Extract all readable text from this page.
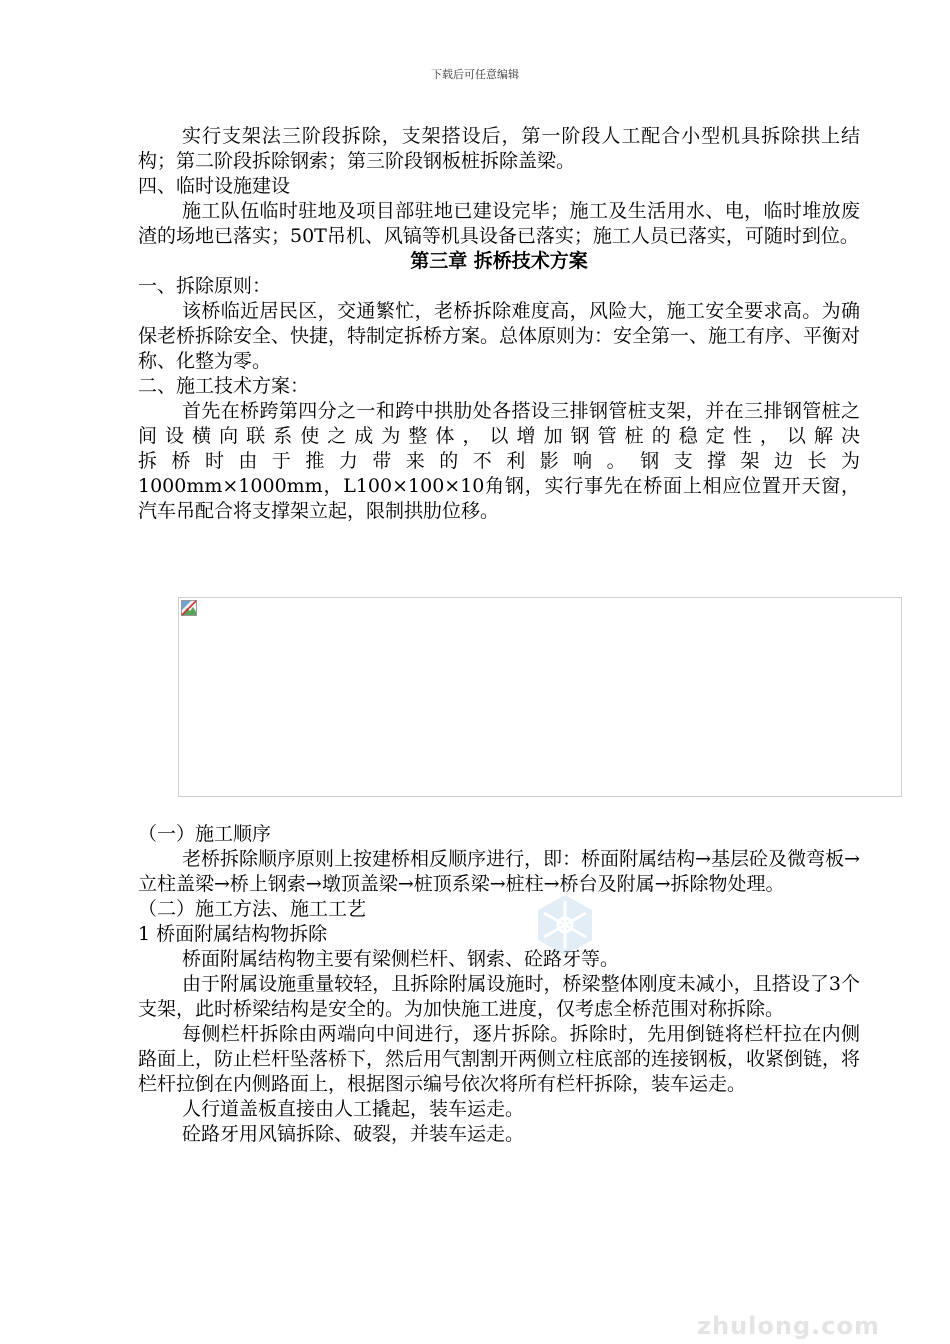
下载后可任意编辑

实行支架法三阶段拆除，支架搭设后，第一阶段人工配合小型机具拆除拱上结构；第二阶段拆除钢索；第三阶段钢板桩拆除盖梁。

四、临时设施建设

施工队伍临时驻地及项目部驻地已建设完毕；施工及生活用水、电，临时堆放废渣的场地已落实；50T吊机、风镐等机具设备已落实；施工人员已落实，可随时到位。

第三章 拆桥技术方案

一、拆除原则：

该桥临近居民区，交通繁忙，老桥拆除难度高，风险大，施工安全要求高。为确保老桥拆除安全、快捷，特制定拆桥方案。总体原则为：安全第一、施工有序、平衡对称、化整为零。

二、施工技术方案：

首先在桥跨第四分之一和跨中拱肋处各搭设三排钢管桩支架，并在三排钢管桩之间设横向联系使之成为整体，以增加钢管桩的稳定性，以解决

拆 桥 时 由 于 推 力 带 来 的 不 利 影 响 。 钢 支 撑 架 边 长 为

1000mm×1000mm，L100×100×10角钢，实行事先在桥面上相应位置开天窗，汽车吊配合将支撑架立起，限制拱肋位移。

（一）施工顺序

老桥拆除顺序原则上按建桥相反顺序进行，即：桥面附属结构→基层砼及微弯板→立柱盖梁→桥上钢索→墩顶盖梁→桩顶系梁→桩柱→桥台及附属→拆除物处理。

（二）施工方法、施工工艺

1 桥面附属结构物拆除

桥面附属结构物主要有梁侧栏杆、钢索、砼路牙等。

由于附属设施重量较轻，且拆除附属设施时，桥梁整体刚度未减小，且搭设了3个支架，此时桥梁结构是安全的。为加快施工进度，仅考虑全桥范围对称拆除。

每侧栏杆拆除由两端向中间进行，逐片拆除。拆除时，先用倒链将栏杆拉在内侧路面上，防止栏杆坠落桥下，然后用气割割开两侧立柱底部的连接钢板，收紧倒链，将栏杆拉倒在内侧路面上，根据图示编号依次将所有栏杆拆除，装车运走。

人行道盖板直接由人工撬起，装车运走。

砼路牙用风镐拆除、破裂，并装车运走。

zhulong.com
